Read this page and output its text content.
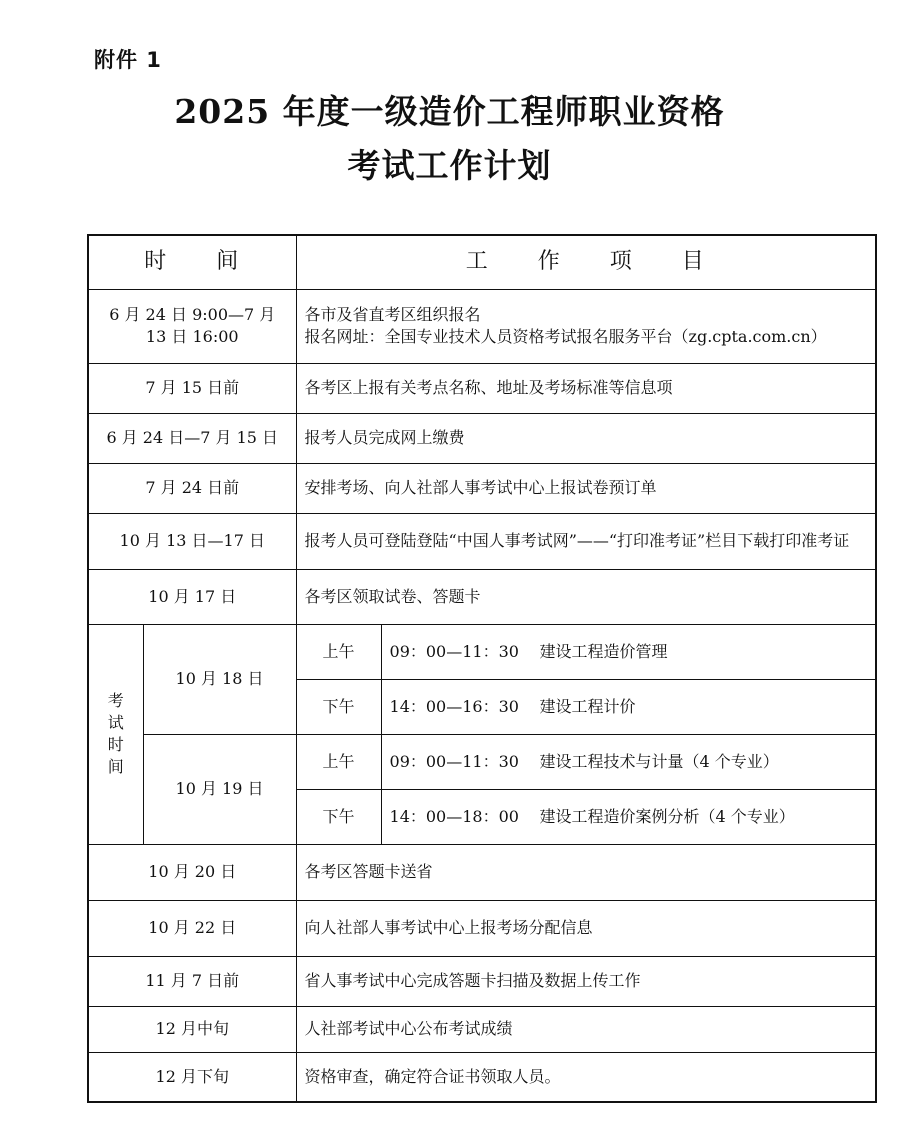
附件 1
2025 年度一级造价工程师职业资格
考试工作计划
时　　间		工　　作　　项　　目	
6 月 24 日 9:00—7 月 13 日 16:00		各市及省直考区组织报名
报名网址：全国专业技术人员资格考试报名服务平台（zg.cpta.com.cn）	

7 月 15 日前		各考区上报有关考点名称、地址及考场标准等信息项	
6 月 24 日—7 月 15 日		报考人员完成网上缴费	
7 月 24 日前		安排考场、向人社部人事考试中心上报试卷预订单	
10 月 13 日—17 日		报考人员可登陆登陆“中国人事考试网”——“打印准考证”栏目下载打印准考证	
10 月 17 日		各考区领取试卷、答题卡	
考试时间	10 月 18 日	上午	09：00—11：30 建设工程造价管理
		下午	14：00—16：30 建设工程计价
	10 月 19 日	上午	09：00—11：30 建设工程技术与计量（4 个专业）
		下午	14：00—18：00 建设工程造价案例分析（4 个专业）
10 月 20 日		各考区答题卡送省	
10 月 22 日		向人社部人事考试中心上报考场分配信息	
11 月 7 日前		省人事考试中心完成答题卡扫描及数据上传工作	
12 月中旬		人社部考试中心公布考试成绩	
12 月下旬		资格审查，确定符合证书领取人员。	
